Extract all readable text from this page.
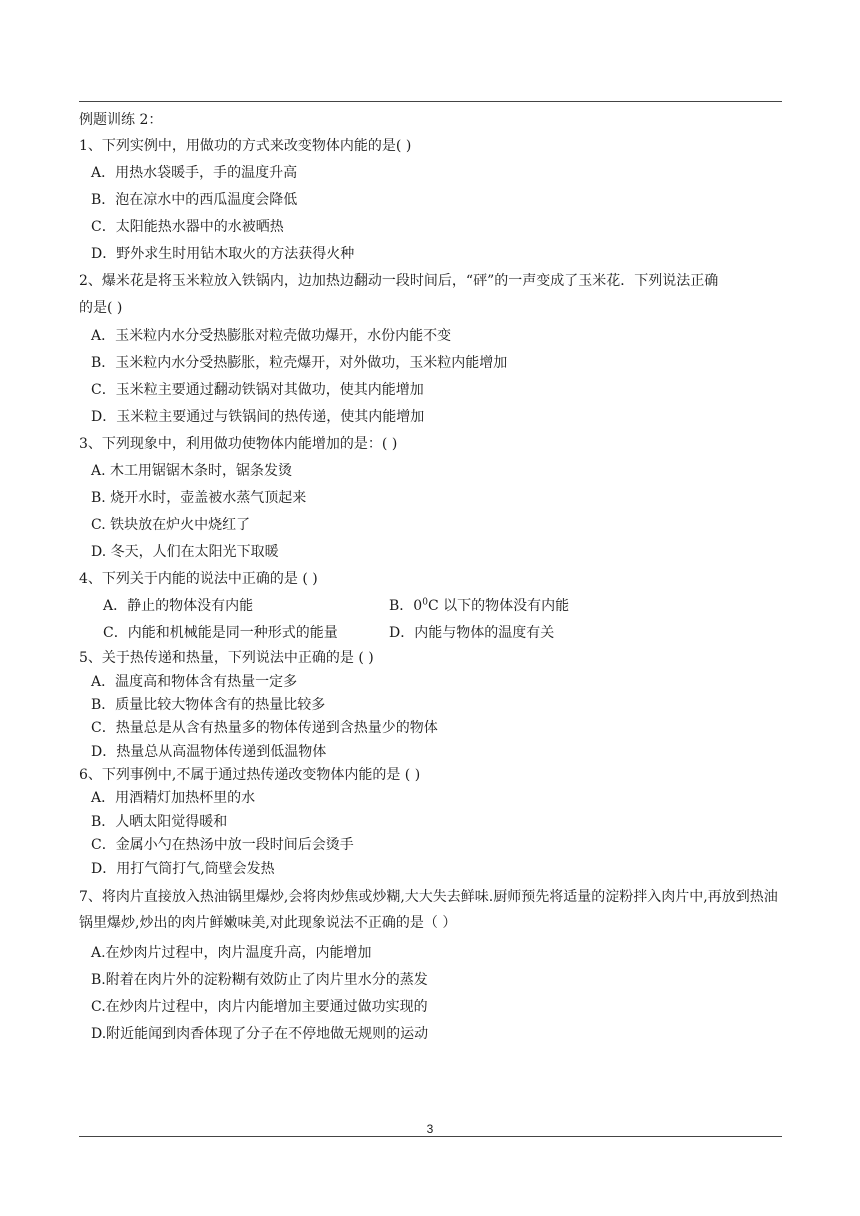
例题训练 2：
1、下列实例中，用做功的方式来改变物体内能的是( )
A．用热水袋暖手，手的温度升高
B．泡在凉水中的西瓜温度会降低
C．太阳能热水器中的水被晒热
D．野外求生时用钻木取火的方法获得火种
2、爆米花是将玉米粒放入铁锅内，边加热边翻动一段时间后，“砰”的一声变成了玉米花．下列说法正确
的是( )
A．玉米粒内水分受热膨胀对粒壳做功爆开，水份内能不变
B．玉米粒内水分受热膨胀，粒壳爆开，对外做功，玉米粒内能增加
C．玉米粒主要通过翻动铁锅对其做功，使其内能增加
D．玉米粒主要通过与铁锅间的热传递，使其内能增加
3、下列现象中，利用做功使物体内能增加的是：( )
A. 木工用锯锯木条时，锯条发烫
B. 烧开水时，壶盖被水蒸气顶起来
C. 铁块放在炉火中烧红了
D. 冬天，人们在太阳光下取暖
4、下列关于内能的说法中正确的是 ( )
A．静止的物体没有内能	B．$0^0C$ 以下的物体没有内能
C．内能和机械能是同一种形式的能量	D．内能与物体的温度有关
5、关于热传递和热量，下列说法中正确的是 ( )
A．温度高和物体含有热量一定多
B．质量比较大物体含有的热量比较多
C．热量总是从含有热量多的物体传递到含热量少的物体
D．热量总从高温物体传递到低温物体
6、下列事例中,不属于通过热传递改变物体内能的是 ( )
A．用酒精灯加热杯里的水
B．人晒太阳觉得暖和
C．金属小勺在热汤中放一段时间后会烫手
D．用打气筒打气,筒壁会发热
7、将肉片直接放入热油锅里爆炒,会将肉炒焦或炒糊,大大失去鲜味.厨师预先将适量的淀粉拌入肉片中,再放到热油锅里爆炒,炒出的肉片鲜嫩味美,对此现象说法不正确的是（ ）
A.在炒肉片过程中，肉片温度升高，内能增加
B.附着在肉片外的淀粉糊有效防止了肉片里水分的蒸发
C.在炒肉片过程中，肉片内能增加主要通过做功实现的
D.附近能闻到肉香体现了分子在不停地做无规则的运动
3
